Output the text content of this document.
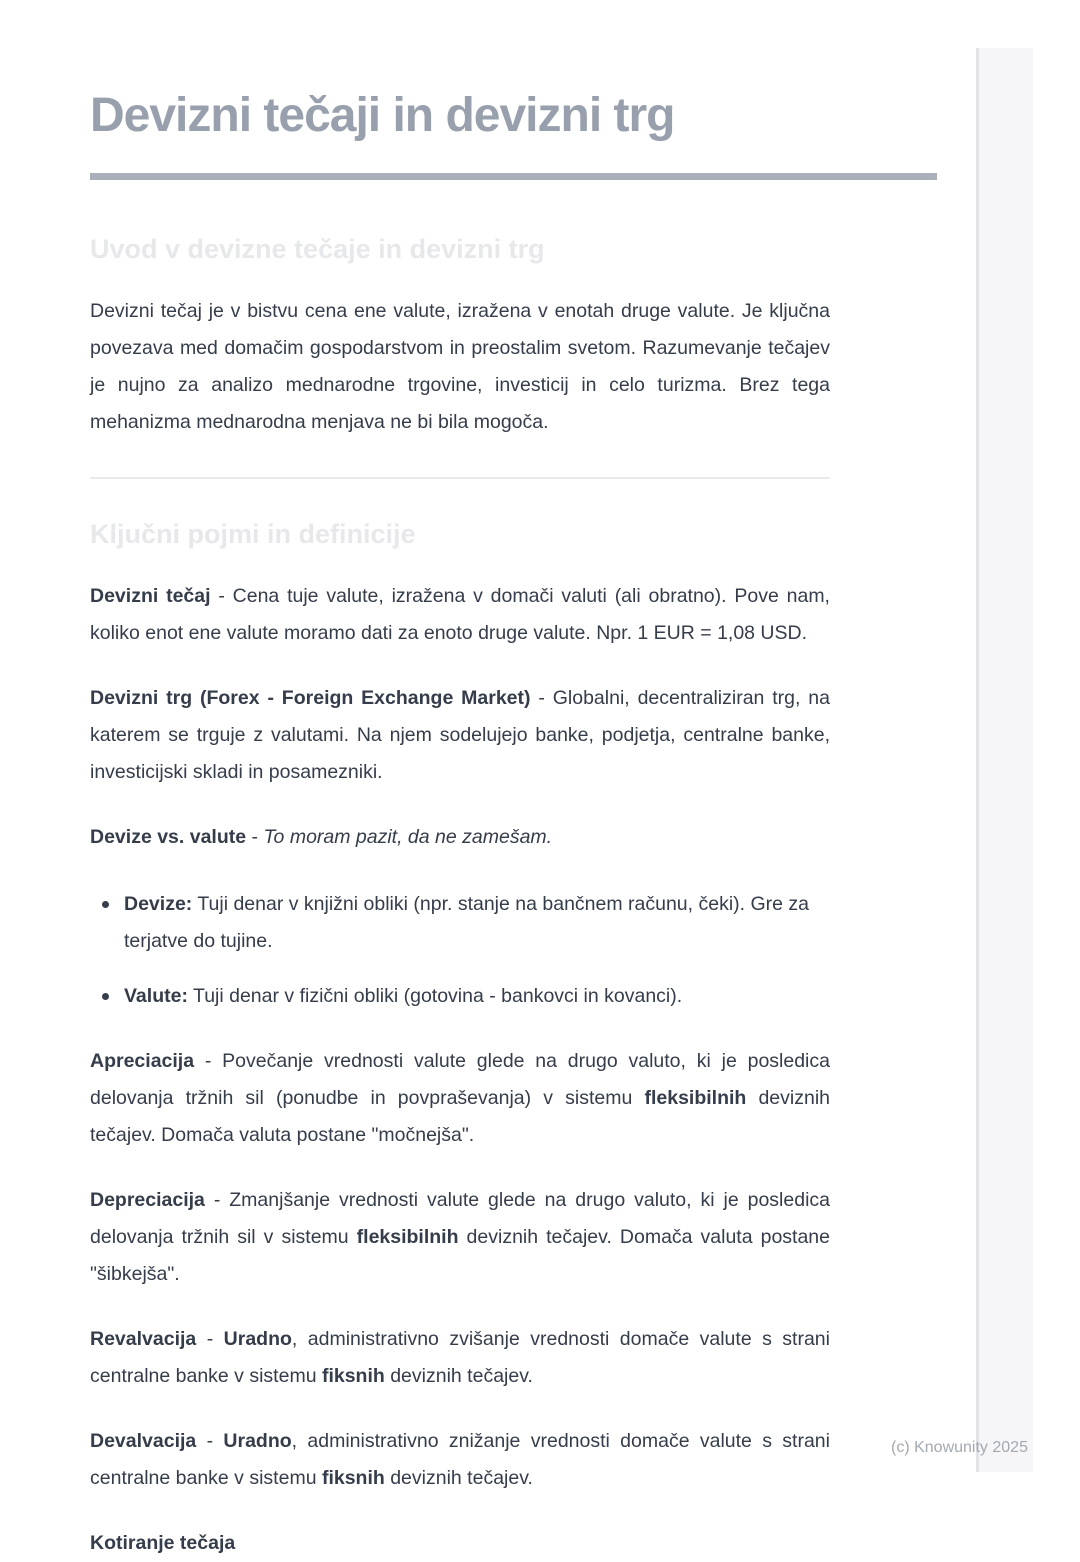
Devizni tečaji in devizni trg
Uvod v devizne tečaje in devizni trg

Devizni tečaj je v bistvu cena ene valute, izražena v enotah druge valute. Je ključna povezava med domačim gospodarstvom in preostalim svetom. Razumevanje tečajev je nujno za analizo mednarodne trgovine, investicij in celo turizma. Brez tega mehanizma mednarodna menjava ne bi bila mogoča.

Ključni pojmi in definicije

Devizni tečaj - Cena tuje valute, izražena v domači valuti (ali obratno). Pove nam, koliko enot ene valute moramo dati za enoto druge valute. Npr. 1 EUR = 1,08 USD.

Devizni trg (Forex - Foreign Exchange Market) - Globalni, decentraliziran trg, na katerem se trguje z valutami. Na njem sodelujejo banke, podjetja, centralne banke, investicijski skladi in posamezniki.

Devize vs. valute - To moram pazit, da ne zamešam.

Devize: Tuji denar v knjižni obliki (npr. stanje na bančnem računu, čeki). Gre za terjatve do tujine.
Valute: Tuji denar v fizični obliki (gotovina - bankovci in kovanci).

Apreciacija - Povečanje vrednosti valute glede na drugo valuto, ki je posledica delovanja tržnih sil (ponudbe in povpraševanja) v sistemu fleksibilnih deviznih tečajev. Domača valuta postane "močnejša".

Depreciacija - Zmanjšanje vrednosti valute glede na drugo valuto, ki je posledica delovanja tržnih sil v sistemu fleksibilnih deviznih tečajev. Domača valuta postane "šibkejša".

Revalvacija - Uradno, administrativno zvišanje vrednosti domače valute s strani centralne banke v sistemu fiksnih deviznih tečajev.

Devalvacija - Uradno, administrativno znižanje vrednosti domače valute s strani centralne banke v sistemu fiksnih deviznih tečajev.

Kotiranje tečaja

(c) Knowunity 2025
